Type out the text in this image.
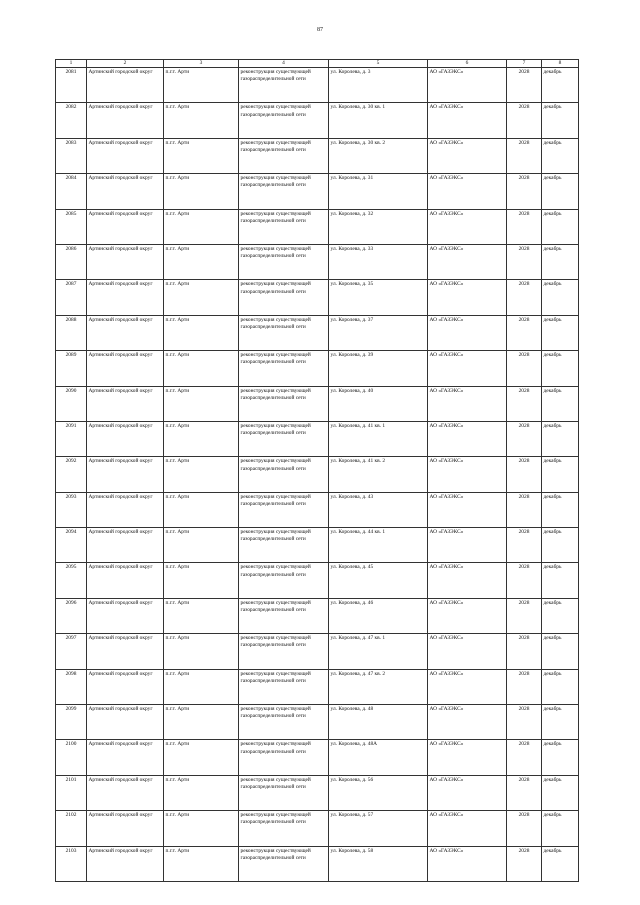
87
1	2	3	4	5	6	7	8
2081	Артинский городской округ	п.г.т. Арти	реконструкция существующей газораспределительной сети	ул. Королева, д. 3	АО «ГАЗЭКС»	2028	декабрь
2082	Артинский городской округ	п.г.т. Арти	реконструкция существующей газораспределительной сети	ул. Королева, д. 30 кв. 1	АО «ГАЗЭКС»	2028	декабрь
2083	Артинский городской округ	п.г.т. Арти	реконструкция существующей газораспределительной сети	ул. Королева, д. 30 кв. 2	АО «ГАЗЭКС»	2028	декабрь
2084	Артинский городской округ	п.г.т. Арти	реконструкция существующей газораспределительной сети	ул. Королева, д. 31	АО «ГАЗЭКС»	2028	декабрь
2085	Артинский городской округ	п.г.т. Арти	реконструкция существующей газораспределительной сети	ул. Королева, д. 32	АО «ГАЗЭКС»	2028	декабрь
2086	Артинский городской округ	п.г.т. Арти	реконструкция существующей газораспределительной сети	ул. Королева, д. 33	АО «ГАЗЭКС»	2028	декабрь
2087	Артинский городской округ	п.г.т. Арти	реконструкция существующей газораспределительной сети	ул. Королева, д. 35	АО «ГАЗЭКС»	2028	декабрь
2088	Артинский городской округ	п.г.т. Арти	реконструкция существующей газораспределительной сети	ул. Королева, д. 37	АО «ГАЗЭКС»	2028	декабрь
2089	Артинский городской округ	п.г.т. Арти	реконструкция существующей газораспределительной сети	ул. Королева, д. 39	АО «ГАЗЭКС»	2028	декабрь
2090	Артинский городской округ	п.г.т. Арти	реконструкция существующей газораспределительной сети	ул. Королева, д. 40	АО «ГАЗЭКС»	2028	декабрь
2091	Артинский городской округ	п.г.т. Арти	реконструкция существующей газораспределительной сети	ул. Королева, д. 41 кв. 1	АО «ГАЗЭКС»	2028	декабрь
2092	Артинский городской округ	п.г.т. Арти	реконструкция существующей газораспределительной сети	ул. Королева, д. 41 кв. 2	АО «ГАЗЭКС»	2028	декабрь
2093	Артинский городской округ	п.г.т. Арти	реконструкция существующей газораспределительной сети	ул. Королева, д. 43	АО «ГАЗЭКС»	2028	декабрь
2094	Артинский городской округ	п.г.т. Арти	реконструкция существующей газораспределительной сети	ул. Королева, д. 44 кв. 1	АО «ГАЗЭКС»	2028	декабрь
2095	Артинский городской округ	п.г.т. Арти	реконструкция существующей газораспределительной сети	ул. Королева, д. 45	АО «ГАЗЭКС»	2028	декабрь
2096	Артинский городской округ	п.г.т. Арти	реконструкция существующей газораспределительной сети	ул. Королева, д. 46	АО «ГАЗЭКС»	2028	декабрь
2097	Артинский городской округ	п.г.т. Арти	реконструкция существующей газораспределительной сети	ул. Королева, д. 47 кв. 1	АО «ГАЗЭКС»	2028	декабрь
2098	Артинский городской округ	п.г.т. Арти	реконструкция существующей газораспределительной сети	ул. Королева, д. 47 кв. 2	АО «ГАЗЭКС»	2028	декабрь
2099	Артинский городской округ	п.г.т. Арти	реконструкция существующей газораспределительной сети	ул. Королева, д. 48	АО «ГАЗЭКС»	2028	декабрь
2100	Артинский городской округ	п.г.т. Арти	реконструкция существующей газораспределительной сети	ул. Королева, д. 48А	АО «ГАЗЭКС»	2028	декабрь
2101	Артинский городской округ	п.г.т. Арти	реконструкция существующей газораспределительной сети	ул. Королева, д. 56	АО «ГАЗЭКС»	2028	декабрь
2102	Артинский городской округ	п.г.т. Арти	реконструкция существующей газораспределительной сети	ул. Королева, д. 57	АО «ГАЗЭКС»	2028	декабрь
2103	Артинский городской округ	п.г.т. Арти	реконструкция существующей газораспределительной сети	ул. Королева, д. 58	АО «ГАЗЭКС»	2028	декабрь
